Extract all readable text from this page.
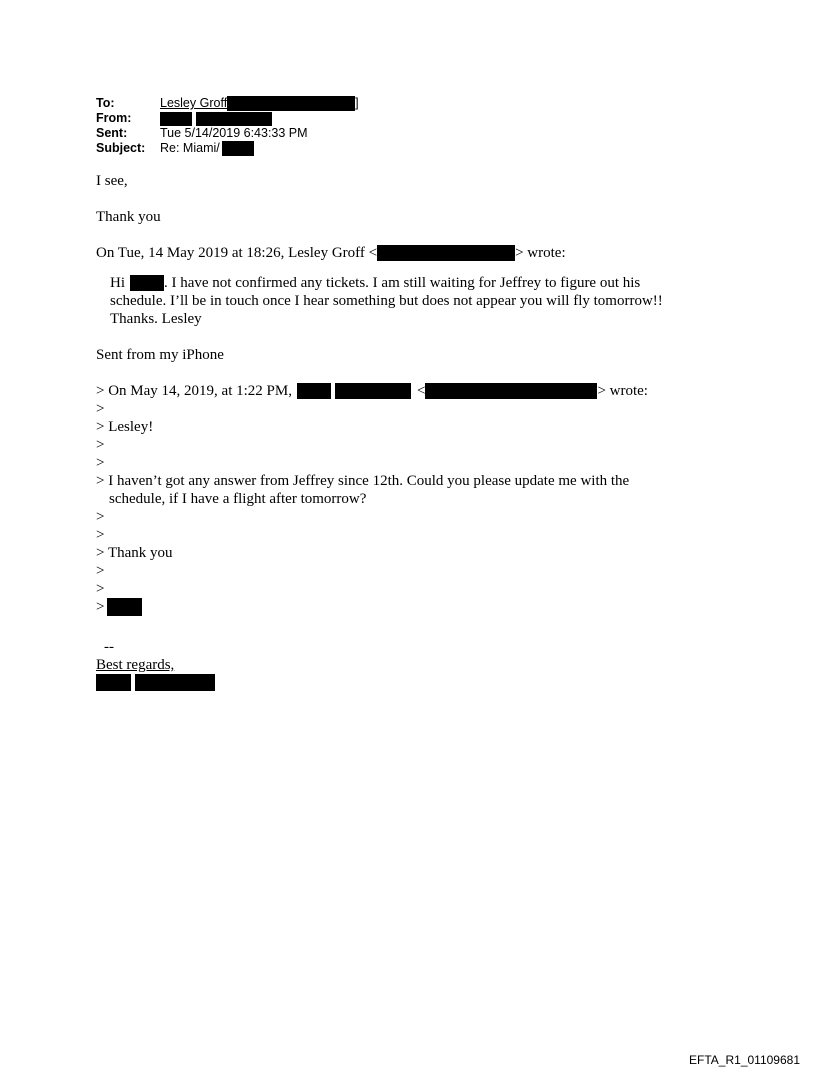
To:	Lesley Groff	]
From:
Sent:	Tue 5/14/2019 6:43:33 PM
Subject:	Re: Miami/

I see,

Thank you

On Tue, 14 May 2019 at 18:26, Lesley Groff <	> wrote:
Hi	. I have not confirmed any tickets. I am still waiting for Jeffrey to figure out his
schedule. I’ll be in touch once I hear something but does not appear you will fly tomorrow!!
Thanks. Lesley

Sent from my iPhone

> On May 14, 2019, at 1:22 PM,	<	> wrote:
>
> Lesley!
>
>
> I haven’t got any answer from Jeffrey since 12th. Could you please update me with the
schedule, if I have a flight after tomorrow?
>
>
> Thank you
>
>
>
--
Best regards,
EFTA_R1_01109681
